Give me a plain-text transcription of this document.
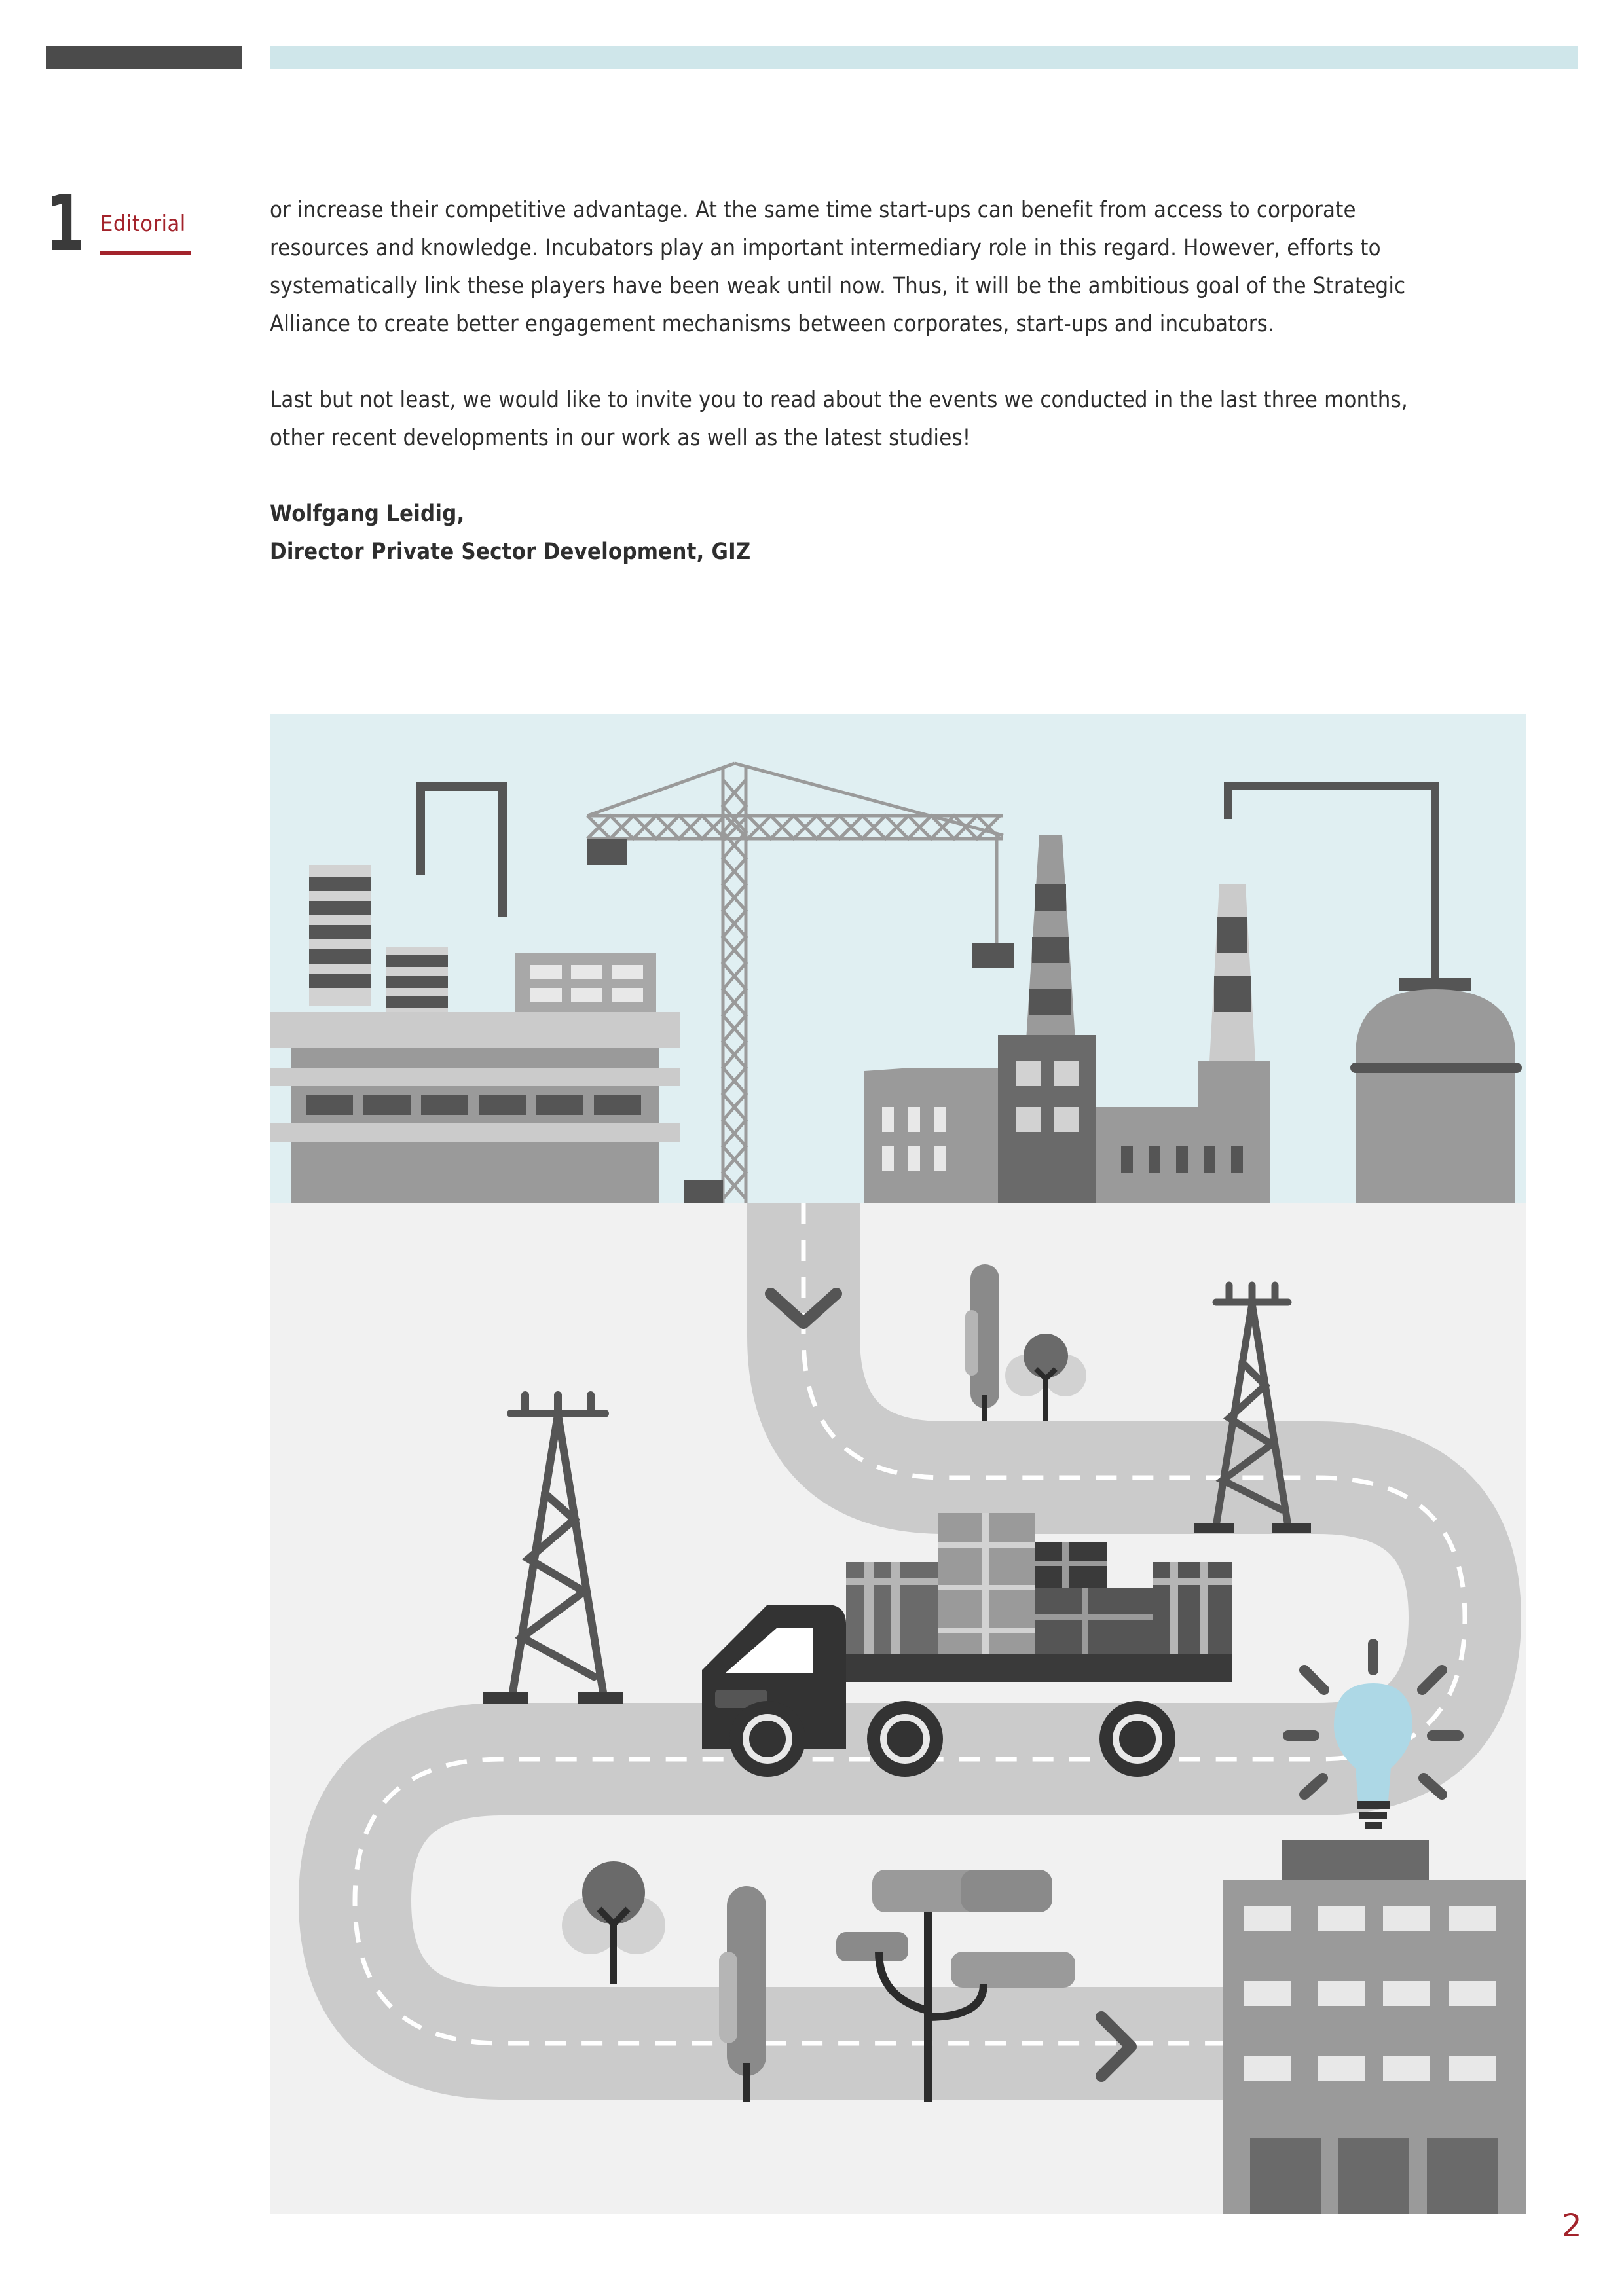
1 Editorial

or increase their competitive advantage. At the same time start-ups can benefit from access to corporate

resources and knowledge. Incubators play an important intermediary role in this regard. However, efforts to

systematically link these players have been weak until now. Thus, it will be the ambitious goal of the Strategic

Alliance to create better engagement mechanisms between corporates, start-ups and incubators.

Last but not least, we would like to invite you to read about the events we conducted in the last three months,

other recent developments in our work as well as the latest studies!

Wolfgang Leidig,

Director Private Sector Development, GIZ

2
